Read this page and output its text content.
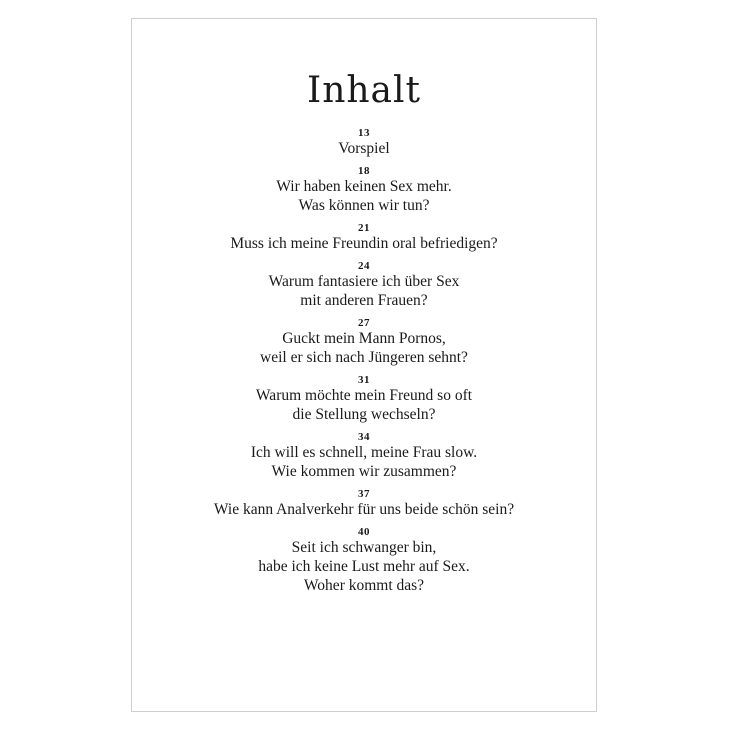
Inhalt
13
Vorspiel
18
Wir haben keinen Sex mehr.
Was können wir tun?
21
Muss ich meine Freundin oral befriedigen?
24
Warum fantasiere ich über Sex
mit anderen Frauen?
27
Guckt mein Mann Pornos,
weil er sich nach Jüngeren sehnt?
31
Warum möchte mein Freund so oft
die Stellung wechseln?
34
Ich will es schnell, meine Frau slow.
Wie kommen wir zusammen?
37
Wie kann Analverkehr für uns beide schön sein?
40
Seit ich schwanger bin,
habe ich keine Lust mehr auf Sex.
Woher kommt das?
